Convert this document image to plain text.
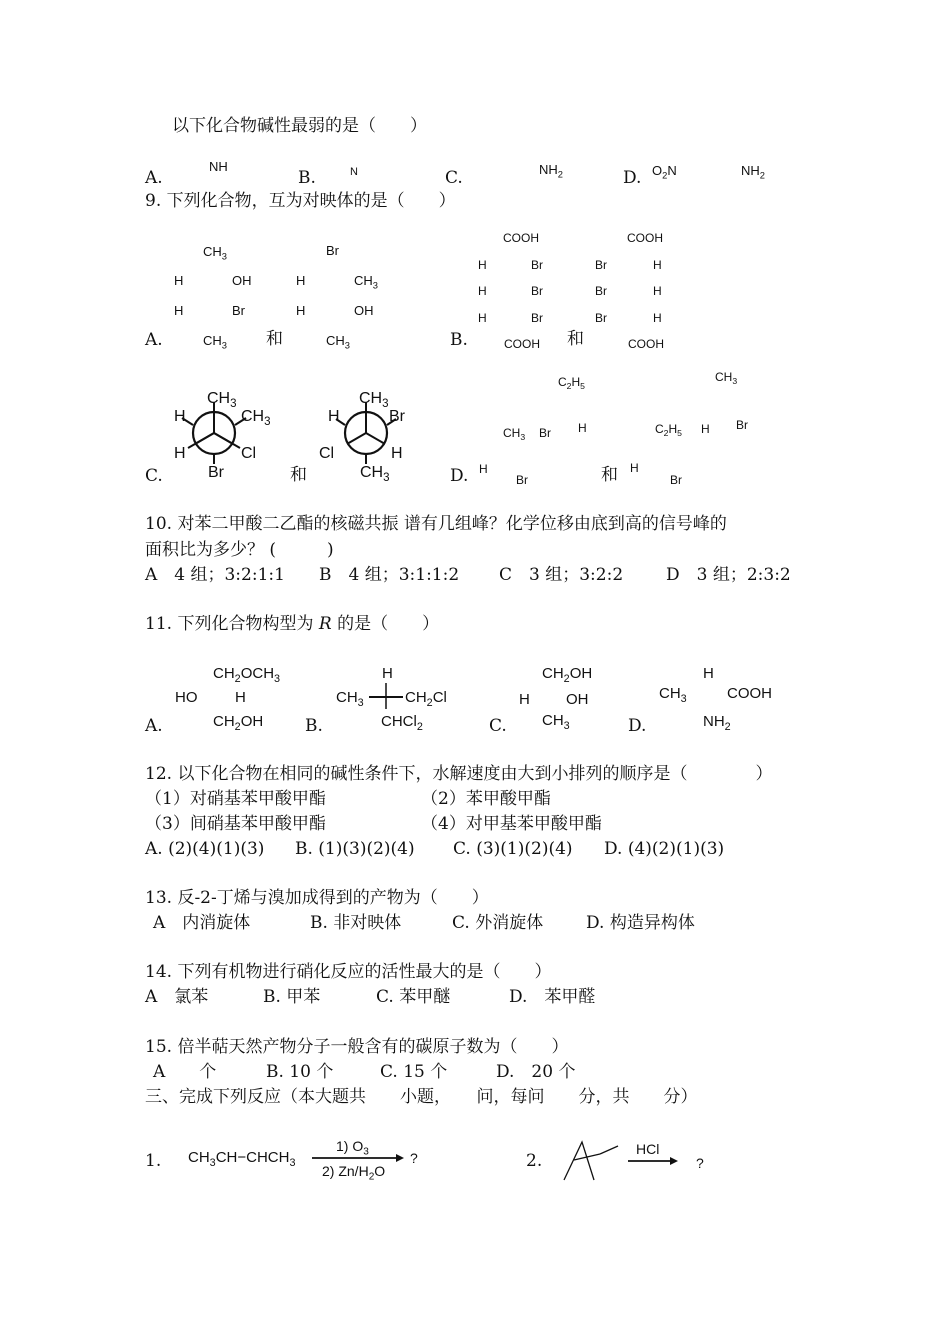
以下化合物碱性最弱的是（　　）
A.
NH
B.	N	C.	$NH_2$	D. $O_2N$	$NH_2$
9. 下列化合物，互为对映体的是（　　）
$CH_3$
H	OH
H	Br
$CH_3$
Br
H	$CH_3$
H	OH
$CH_3$
A.	和
COOH
H	Br
H	Br
H	Br
COOH
COOH
Br	H
Br	H
Br	H
COOH
B.	和
$CH_3$
H	$CH_3$
H	Cl
Br
$CH_3$
H	Br
Cl	H
$CH_3$
C.	和
$C_2H_5$
$CH_3$ Br H
H
Br
$CH_3$
$C_2H_5$ H Br
H
Br
D.	和
10. 对苯二甲酸二乙酯的核磁共振 谱有几组峰？化学位移由底到高的信号峰的
面积比为多少？ (　　　)
A　4 组；3:2:1:1 B　4 组；3:1:1:2 C　3 组；3:2:2	D　3 组；2:3:2
11. 下列化合物构型为 R 的是（　　）
$CH_2OCH_3$
HO	H
$CH_2OH$
A.
H
$CH_3$	$CH_2Cl$
CHCl$_2$
B.
$CH_2OH$
H OH
$CH_3$
C.
H
$CH_3$	COOH
$NH_2$
D.
12. 以下化合物在相同的碱性条件下，水解速度由大到小排列的顺序是（　　　　）
（1）对硝基苯甲酸甲酯	（2）苯甲酸甲酯
（3）间硝基苯甲酸甲酯	（4）对甲基苯甲酸甲酯
A. (2)(4)(1)(3) B. (1)(3)(2)(4) C. (3)(1)(2)(4) D. (4)(2)(1)(3)
13. 反-2-丁烯与溴加成得到的产物为（　　）
A　内消旋体	B. 非对映体	C. 外消旋体	D. 构造异构体
14. 下列有机物进行硝化反应的活性最大的是（　　）
A　氯苯	B. 甲苯	C. 苯甲醚	D.　苯甲醛
15. 倍半萜天然产物分子一般含有的碳原子数为（　　）
A　　个	B. 10 个	C. 15 个	D.　20 个
三、完成下列反应（本大题共　　小题，　　问，每问　　分，共　　分）
1. $CH_3CH-CHCH_3$
1) $O_3$
2) $Zn/H_2O$
?	2.
HCl
→ ?
